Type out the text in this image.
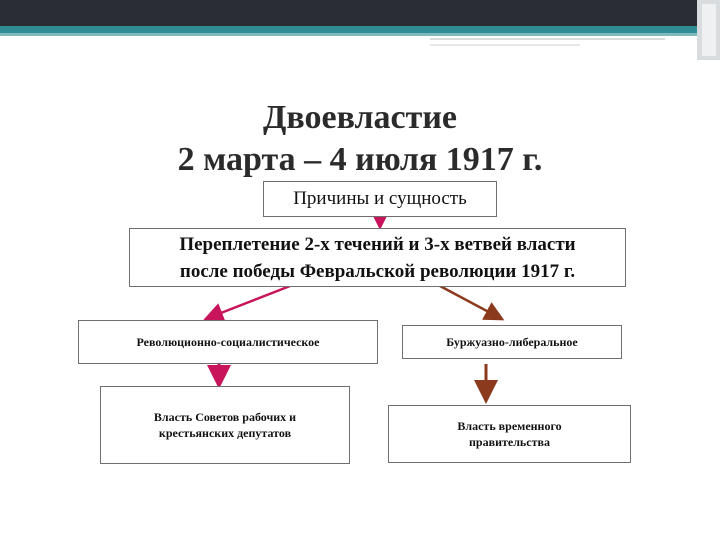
Двоевластие
2 марта – 4 июля 1917 г.
Причины и сущность
Переплетение 2-х течений и 3-х ветвей власти
после победы Февральской революции 1917 г.
Революционно-социалистическое	Буржуазно-либеральное
Власть Советов рабочих и
крестьянских депутатов	Власть временного
правительства
